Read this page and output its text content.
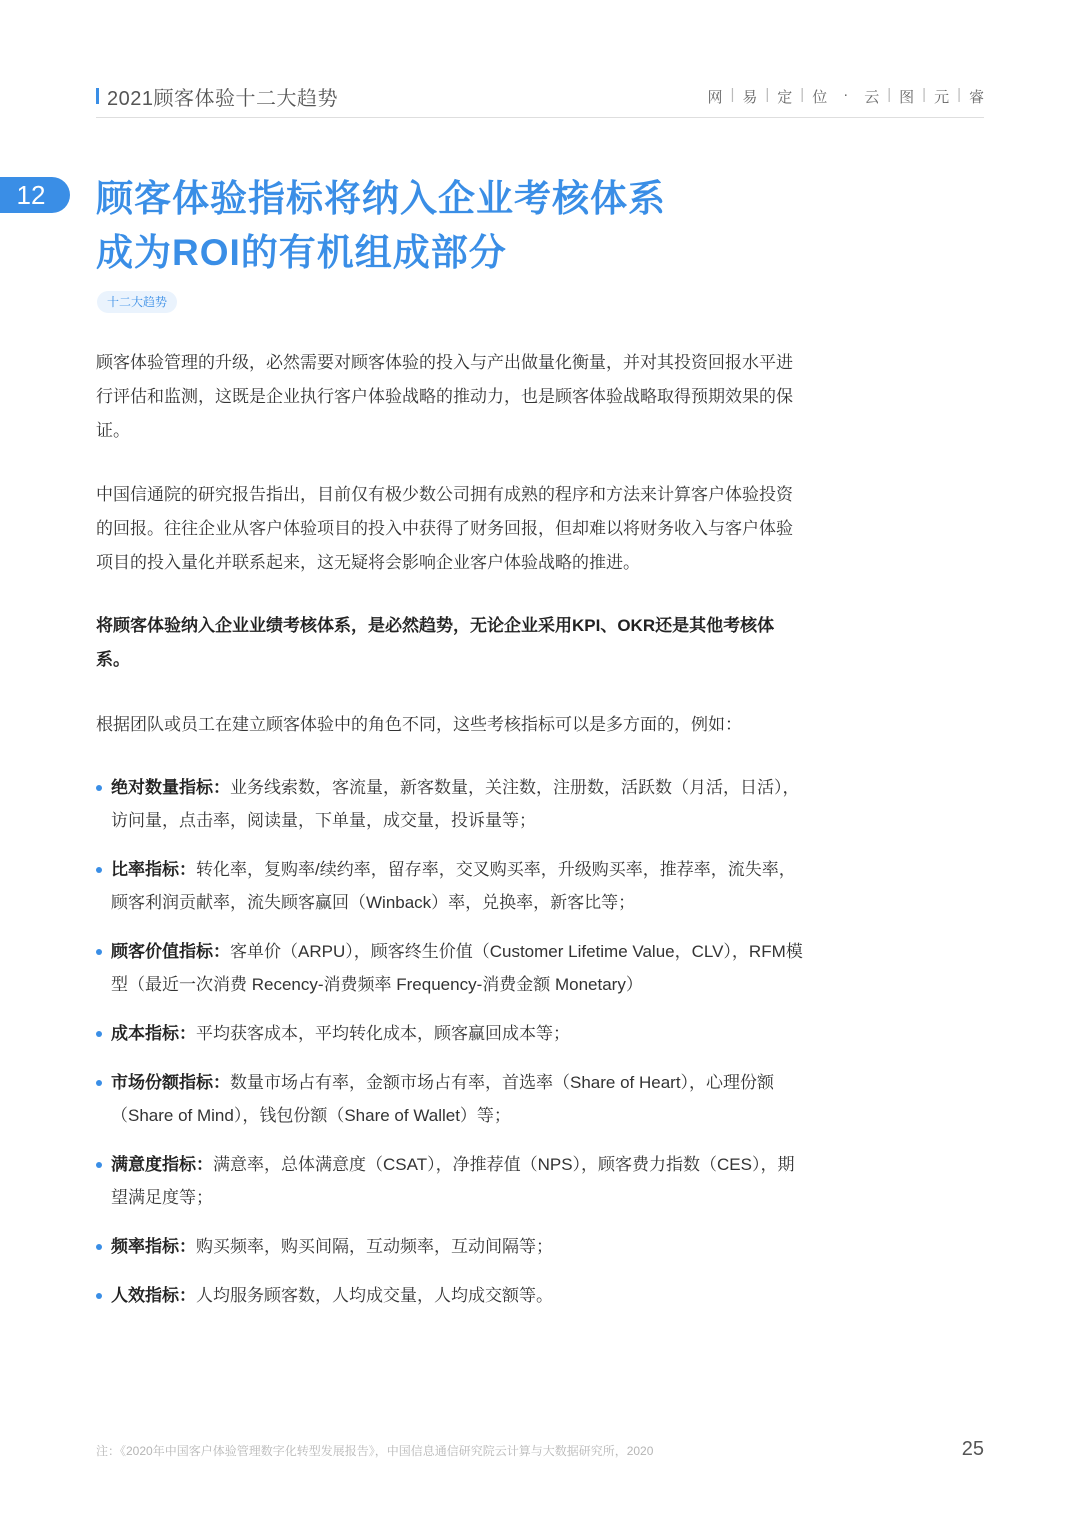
2021顾客体验十二大趋势	网 | 易 | 定 | 位 · 云 | 图 | 元 | 睿
12	顾客体验指标将纳入企业考核体系
成为ROI的有机组成部分
十二大趋势
顾客体验管理的升级，必然需要对顾客体验的投入与产出做量化衡量，并对其投资回报水平进行评估和监测，这既是企业执行客户体验战略的推动力，也是顾客体验战略取得预期效果的保证。
中国信通院的研究报告指出，目前仅有极少数公司拥有成熟的程序和方法来计算客户体验投资的回报。往往企业从客户体验项目的投入中获得了财务回报，但却难以将财务收入与客户体验项目的投入量化并联系起来，这无疑将会影响企业客户体验战略的推进。
将顾客体验纳入企业业绩考核体系，是必然趋势，无论企业采用KPI、OKR还是其他考核体系。
根据团队或员工在建立顾客体验中的角色不同，这些考核指标可以是多方面的，例如：
绝对数量指标：业务线索数，客流量，新客数量，关注数，注册数，活跃数（月活，日活），访问量，点击率，阅读量，下单量，成交量，投诉量等；
比率指标：转化率，复购率/续约率，留存率，交叉购买率，升级购买率，推荐率，流失率，顾客利润贡献率，流失顾客赢回（Winback）率，兑换率，新客比等；
顾客价值指标：客单价（ARPU），顾客终生价值（Customer Lifetime Value，CLV），RFM模型（最近一次消费 Recency-消费频率 Frequency-消费金额 Monetary）
成本指标：平均获客成本，平均转化成本，顾客赢回成本等；
市场份额指标：数量市场占有率，金额市场占有率，首选率（Share of Heart），心理份额（Share of Mind），钱包份额（Share of Wallet）等；
满意度指标：满意率，总体满意度（CSAT），净推荐值（NPS），顾客费力指数（CES），期望满足度等；
频率指标：购买频率，购买间隔，互动频率，互动间隔等；
人效指标：人均服务顾客数，人均成交量，人均成交额等。
注：《2020年中国客户体验管理数字化转型发展报告》，中国信息通信研究院云计算与大数据研究所，2020	25
